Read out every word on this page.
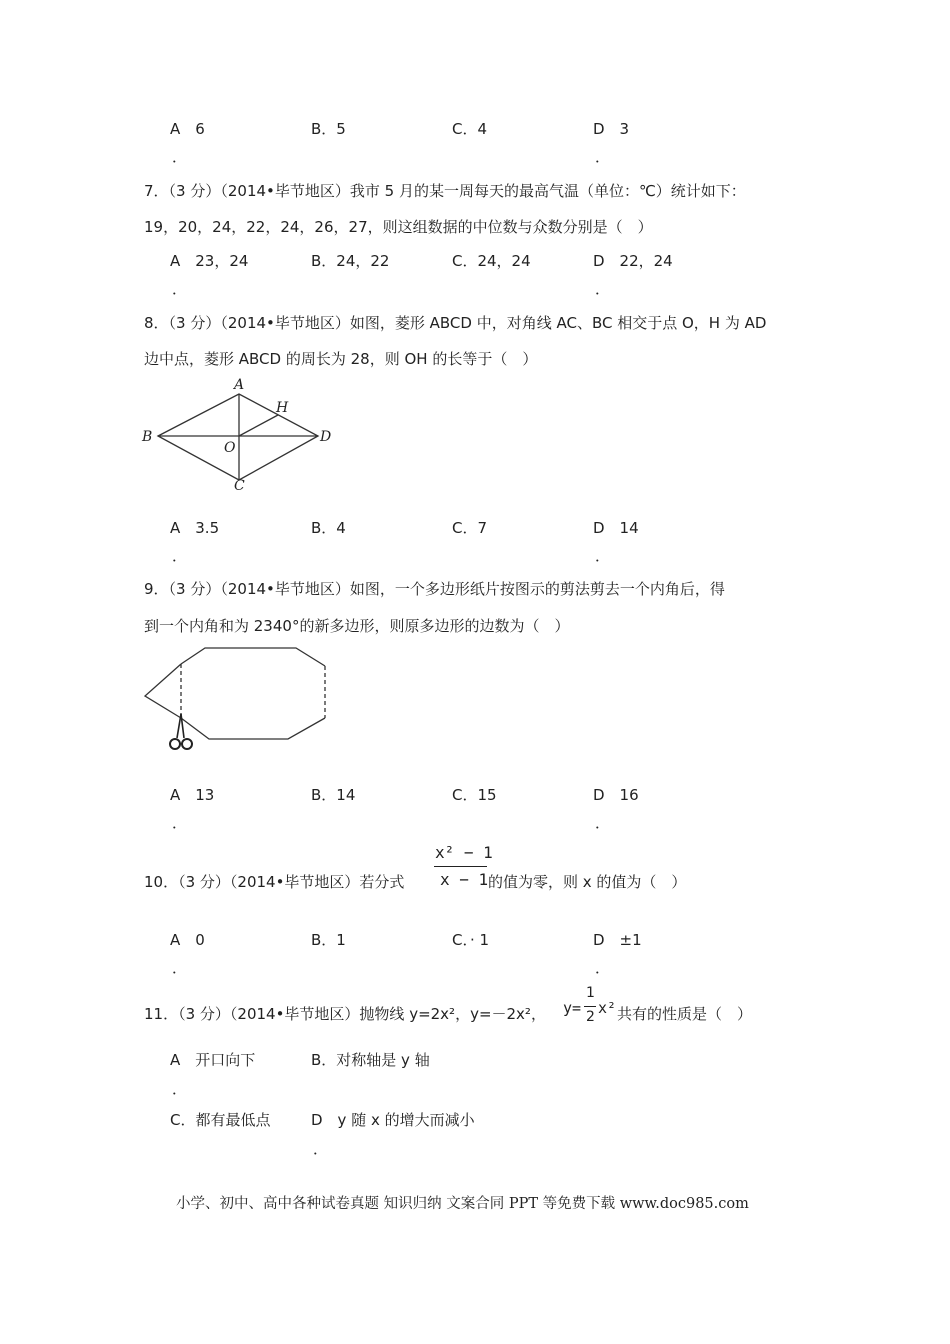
A　6	B．5	C．4	D　3
．	．
7．（3 分）（2014•毕节地区）我市 5 月的某一周每天的最高气温（单位：℃）统计如下：
19，20，24，22，24，26，27，则这组数据的中位数与众数分别是（　）
A　23，24	B．24，22	C．24，24	D　22，24
．	．
8．（3 分）（2014•毕节地区）如图，菱形 ABCD 中，对角线 AC、BC 相交于点 O，H 为 AD
边中点，菱形 ABCD 的周长为 28，则 OH 的长等于（　）
A
B
C
D
O
H
A　3.5	B．4	C．7	D　14
．	．
9．（3 分）（2014•毕节地区）如图，一个多边形纸片按图示的剪法剪去一个内角后，得
到一个内角和为 2340°的新多边形，则原多边形的边数为（　）
A　13	B．14	C．15	D　16
．	．
10．（3 分）（2014•毕节地区）若分式
x² − 1
x − 1 的值为零，则 x 的值为（　）
A　0	B．1	C．· 1	D　±1
．	．
11．（3 分）（2014•毕节地区）抛物线 y=2x²，y=－2x²， y=
1
2 x² 共有的性质是（　）
A　开口向下	B．对称轴是 y 轴
．
C．都有最低点	D　y 随 x 的增大而减小
．
小学、初中、高中各种试卷真题 知识归纳 文案合同 PPT 等免费下载 www.doc985.com
